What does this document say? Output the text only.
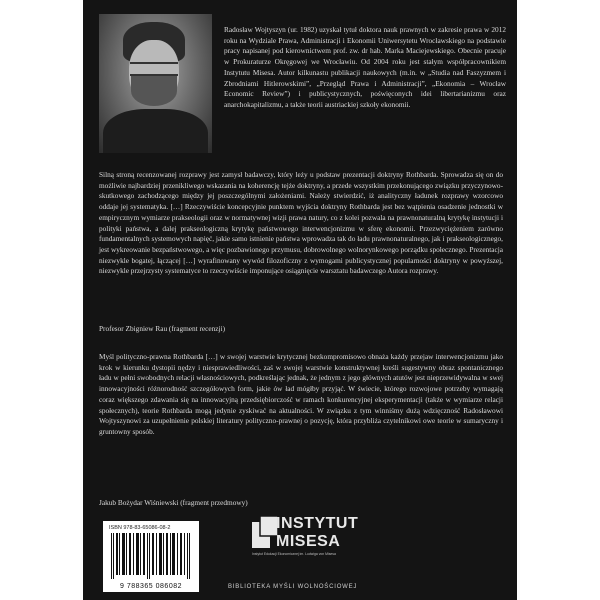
Radosław Wojtyszyn (ur. 1982) uzyskał tytuł doktora nauk prawnych w zakresie prawa w 2012 roku na Wydziale Prawa, Administracji i Ekonomii Uniwersytetu Wrocławskiego na podstawie pracy napisanej pod kierownictwem prof. zw. dr hab. Marka Maciejewskiego. Obecnie pracuje w Prokuraturze Okręgowej we Wrocławiu. Od 2004 roku jest stałym współpracownikiem Instytutu Misesa. Autor kilkunastu publikacji naukowych (m.in. w „Studia nad Faszyzmem i Zbrodniami Hitlerowskimi”, „Przegląd Prawa i Administracji”, „Ekonomia – Wrocław Economic Review”) i publicystycznych, poświęconych idei libertarianizmu oraz anarchokapitalizmu, a także teorii austriackiej szkoły ekonomii.

Silną stroną recenzowanej rozprawy jest zamysł badawczy, który leży u podstaw prezentacji doktryny Rothbarda. Sprowadza się on do możliwie najbardziej przenikliwego wskazania na koherencję tejże doktryny, a przede wszystkim przekonującego związku przyczynowo-skutkowego zachodzącego między jej poszczególnymi założeniami. Należy stwierdzić, iż analityczny ładunek rozprawy wzorcowo oddaje jej systematyka. […] Rzeczywiście koncepcyjnie punktem wyjścia doktryny Rothbarda jest bez wątpienia osadzenie jednostki w empirycznym wymiarze prakseologii oraz w normatywnej wizji prawa natury, co z kolei pozwala na prawnonaturalną krytykę instytucji i polityki państwa, a dalej prakseologiczną krytykę państwowego interwencjonizmu w sferę ekonomii. Przezwyciężeniem zarówno fundamentalnych systemowych napięć, jakie samo istnienie państwa wprowadza tak do ładu prawnonaturalnego, jak i prakseologicznego, jest wykreowanie bezpaństwowego, a więc pozbawionego przymusu, dobrowolnego wolnorynkowego porządku społecznego. Prezentacja niezwykle bogatej, łączącej […] wyrafinowany wywód filozoficzny z wymogami publicystycznej popularności doktryny w powyższej, niezwykle przejrzysty systematyce to rzeczywiście imponujące osiągnięcie warsztatu badawczego Autora rozprawy.

Profesor Zbigniew Rau (fragment recenzji)

Myśl polityczno-prawna Rothbarda […] w swojej warstwie krytycznej bezkompromisowo obnaża każdy przejaw interwencjonizmu jako krok w kierunku dystopii nędzy i niesprawiedliwości, zaś w swojej warstwie konstruktywnej kreśli sugestywny obraz spontanicznego ładu w pełni swobodnych relacji własnościowych, podkreślając jednak, że jednym z jego głównych atutów jest nieprzewidywalna w swej innowacyjności różnorodność szczegółowych form, jakie ów ład mógłby przyjąć. W świecie, którego rozwojowe potrzeby wymagają coraz większego zdawania się na innowacyjną przedsiębiorczość w ramach konkurencyjnej eksperymentacji (także w wymiarze relacji społecznych), teorie Rothbarda mogą jedynie zyskiwać na aktualności. W związku z tym winniśmy dużą wdzięczność Radosławowi Wojtyszynowi za uzupełnienie polskiej literatury polityczno-prawnej o pozycję, która przybliża czytelnikowi owe teorie w sumaryczny i gruntowny sposób.

Jakub Bożydar Wiśniewski (fragment przedmowy)

ISBN 978-83-65086-08-2
9 788365 086082
INSTYTUT
MISESA
Instytut Edukacji Ekonomicznej im. Ludwiga von Misesa
BIBLIOTEKA MYŚLI WOLNOŚCIOWEJ
